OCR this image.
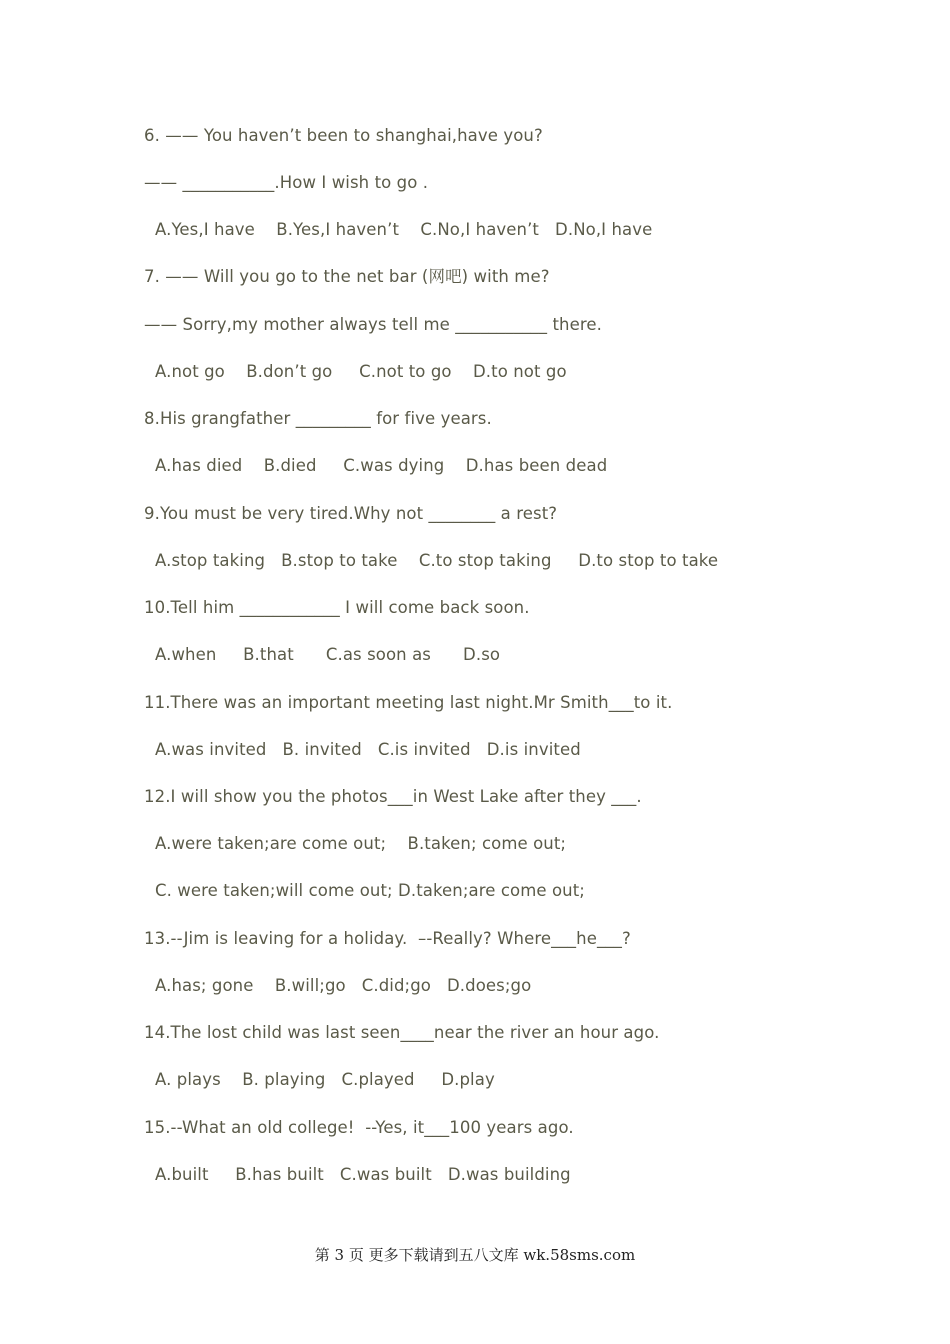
6. —— You haven’t been to shanghai,have you?
—— ___________.How I wish to go .
A.Yes,I have    B.Yes,I haven’t    C.No,I haven’t   D.No,I have
7. —— Will you go to the net bar (网吧) with me?
—— Sorry,my mother always tell me ___________ there.
A.not go    B.don’t go     C.not to go    D.to not go
8.His grangfather _________ for five years.
A.has died    B.died     C.was dying    D.has been dead
9.You must be very tired.Why not ________ a rest?
A.stop taking   B.stop to take    C.to stop taking     D.to stop to take
10.Tell him ____________ I will come back soon.
A.when     B.that      C.as soon as      D.so
11.There was an important meeting last night.Mr Smith___to it.
A.was invited   B. invited   C.is invited   D.is invited
12.I will show you the photos___in West Lake after they ___.
A.were taken;are come out;    B.taken; come out;
C. were taken;will come out; D.taken;are come out;
13.--Jim is leaving for a holiday.  –-Really? Where___he___?
A.has; gone    B.will;go   C.did;go   D.does;go
14.The lost child was last seen____near the river an hour ago.
A. plays    B. playing   C.played     D.play
15.--What an old college!  --Yes, it___100 years ago.
A.built     B.has built   C.was built   D.was building
第 3 页 更多下载请到五八文库 wk.58sms.com
